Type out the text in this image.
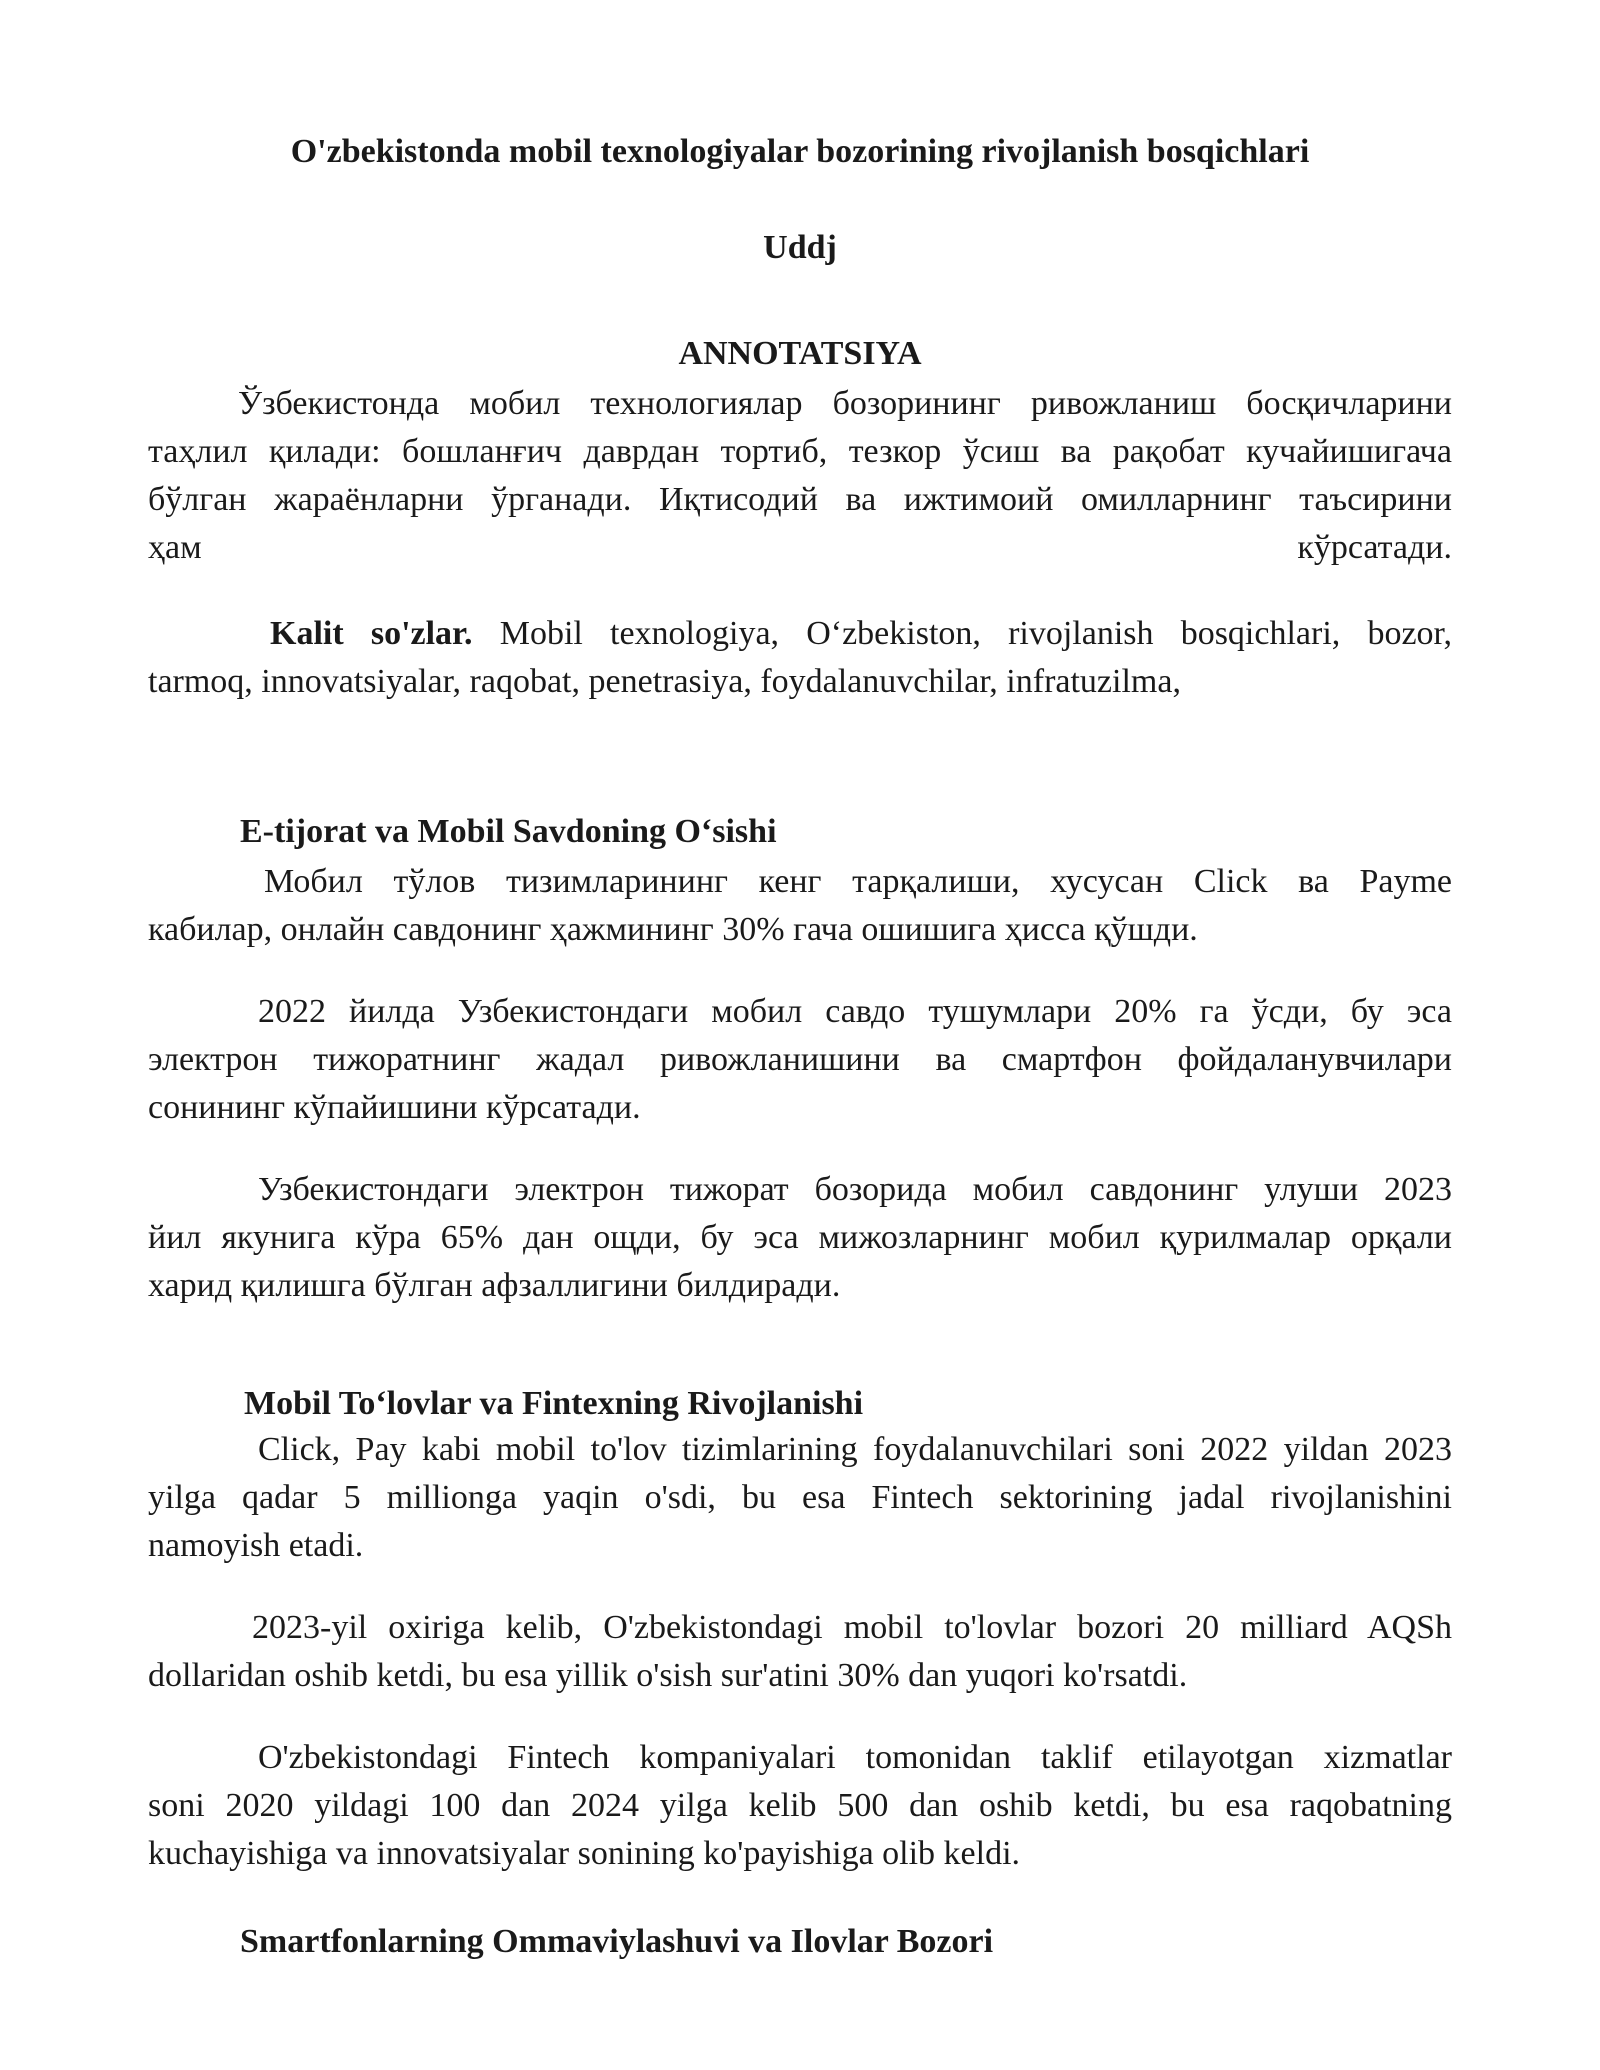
O'zbekistonda mobil texnologiyalar bozorining rivojlanish bosqichlari
Uddj
ANNOTATSIYA
Ўзбекистонда мобил технологиялар бозорининг ривожланиш босқичларини
таҳлил қилади: бошланғич даврдан тортиб, тезкор ўсиш ва рақобат кучайишигача
бўлган жараёнларни ўрганади. Иқтисодий ва ижтимоий омилларнинг таъсирини
ҳам	кўрсатади.
Kalit so'zlar. Mobil texnologiya, O‘zbekiston, rivojlanish bosqichlari, bozor,
tarmoq, innovatsiyalar, raqobat, penetrasiya, foydalanuvchilar, infratuzilma,
E-tijorat va Mobil Savdoning O‘sishi
Мобил тўлов тизимларининг кенг тарқалиши, хусусан Click ва Payme
кабилар, онлайн савдонинг ҳажмининг 30% гача ошишига ҳисса қўшди.
2022 йилда Узбекистондаги мобил савдо тушумлари 20% га ўсди, бу эса
электрон тижоратнинг жадал ривожланишини ва смартфон фойдаланувчилари
сонининг кўпайишини кўрсатади.
Узбекистондаги электрон тижорат бозорида мобил савдонинг улуши 2023
йил якунига кўра 65% дан ощди, бу эса мижозларнинг мобил қурилмалар орқали
харид қилишга бўлган афзаллигини билдиради.
Mobil To‘lovlar va Fintexning Rivojlanishi
Click, Pay kabi mobil to'lov tizimlarining foydalanuvchilari soni 2022 yildan 2023
yilga qadar 5 millionga yaqin o'sdi, bu esa Fintech sektorining jadal rivojlanishini
namoyish etadi.
2023-yil oxiriga kelib, O'zbekistondagi mobil to'lovlar bozori 20 milliard AQSh
dollaridan oshib ketdi, bu esa yillik o'sish sur'atini 30% dan yuqori ko'rsatdi.
O'zbekistondagi Fintech kompaniyalari tomonidan taklif etilayotgan xizmatlar
soni 2020 yildagi 100 dan 2024 yilga kelib 500 dan oshib ketdi, bu esa raqobatning
kuchayishiga va innovatsiyalar sonining ko'payishiga olib keldi.
Smartfonlarning Ommaviylashuvi va Ilovlar Bozori
